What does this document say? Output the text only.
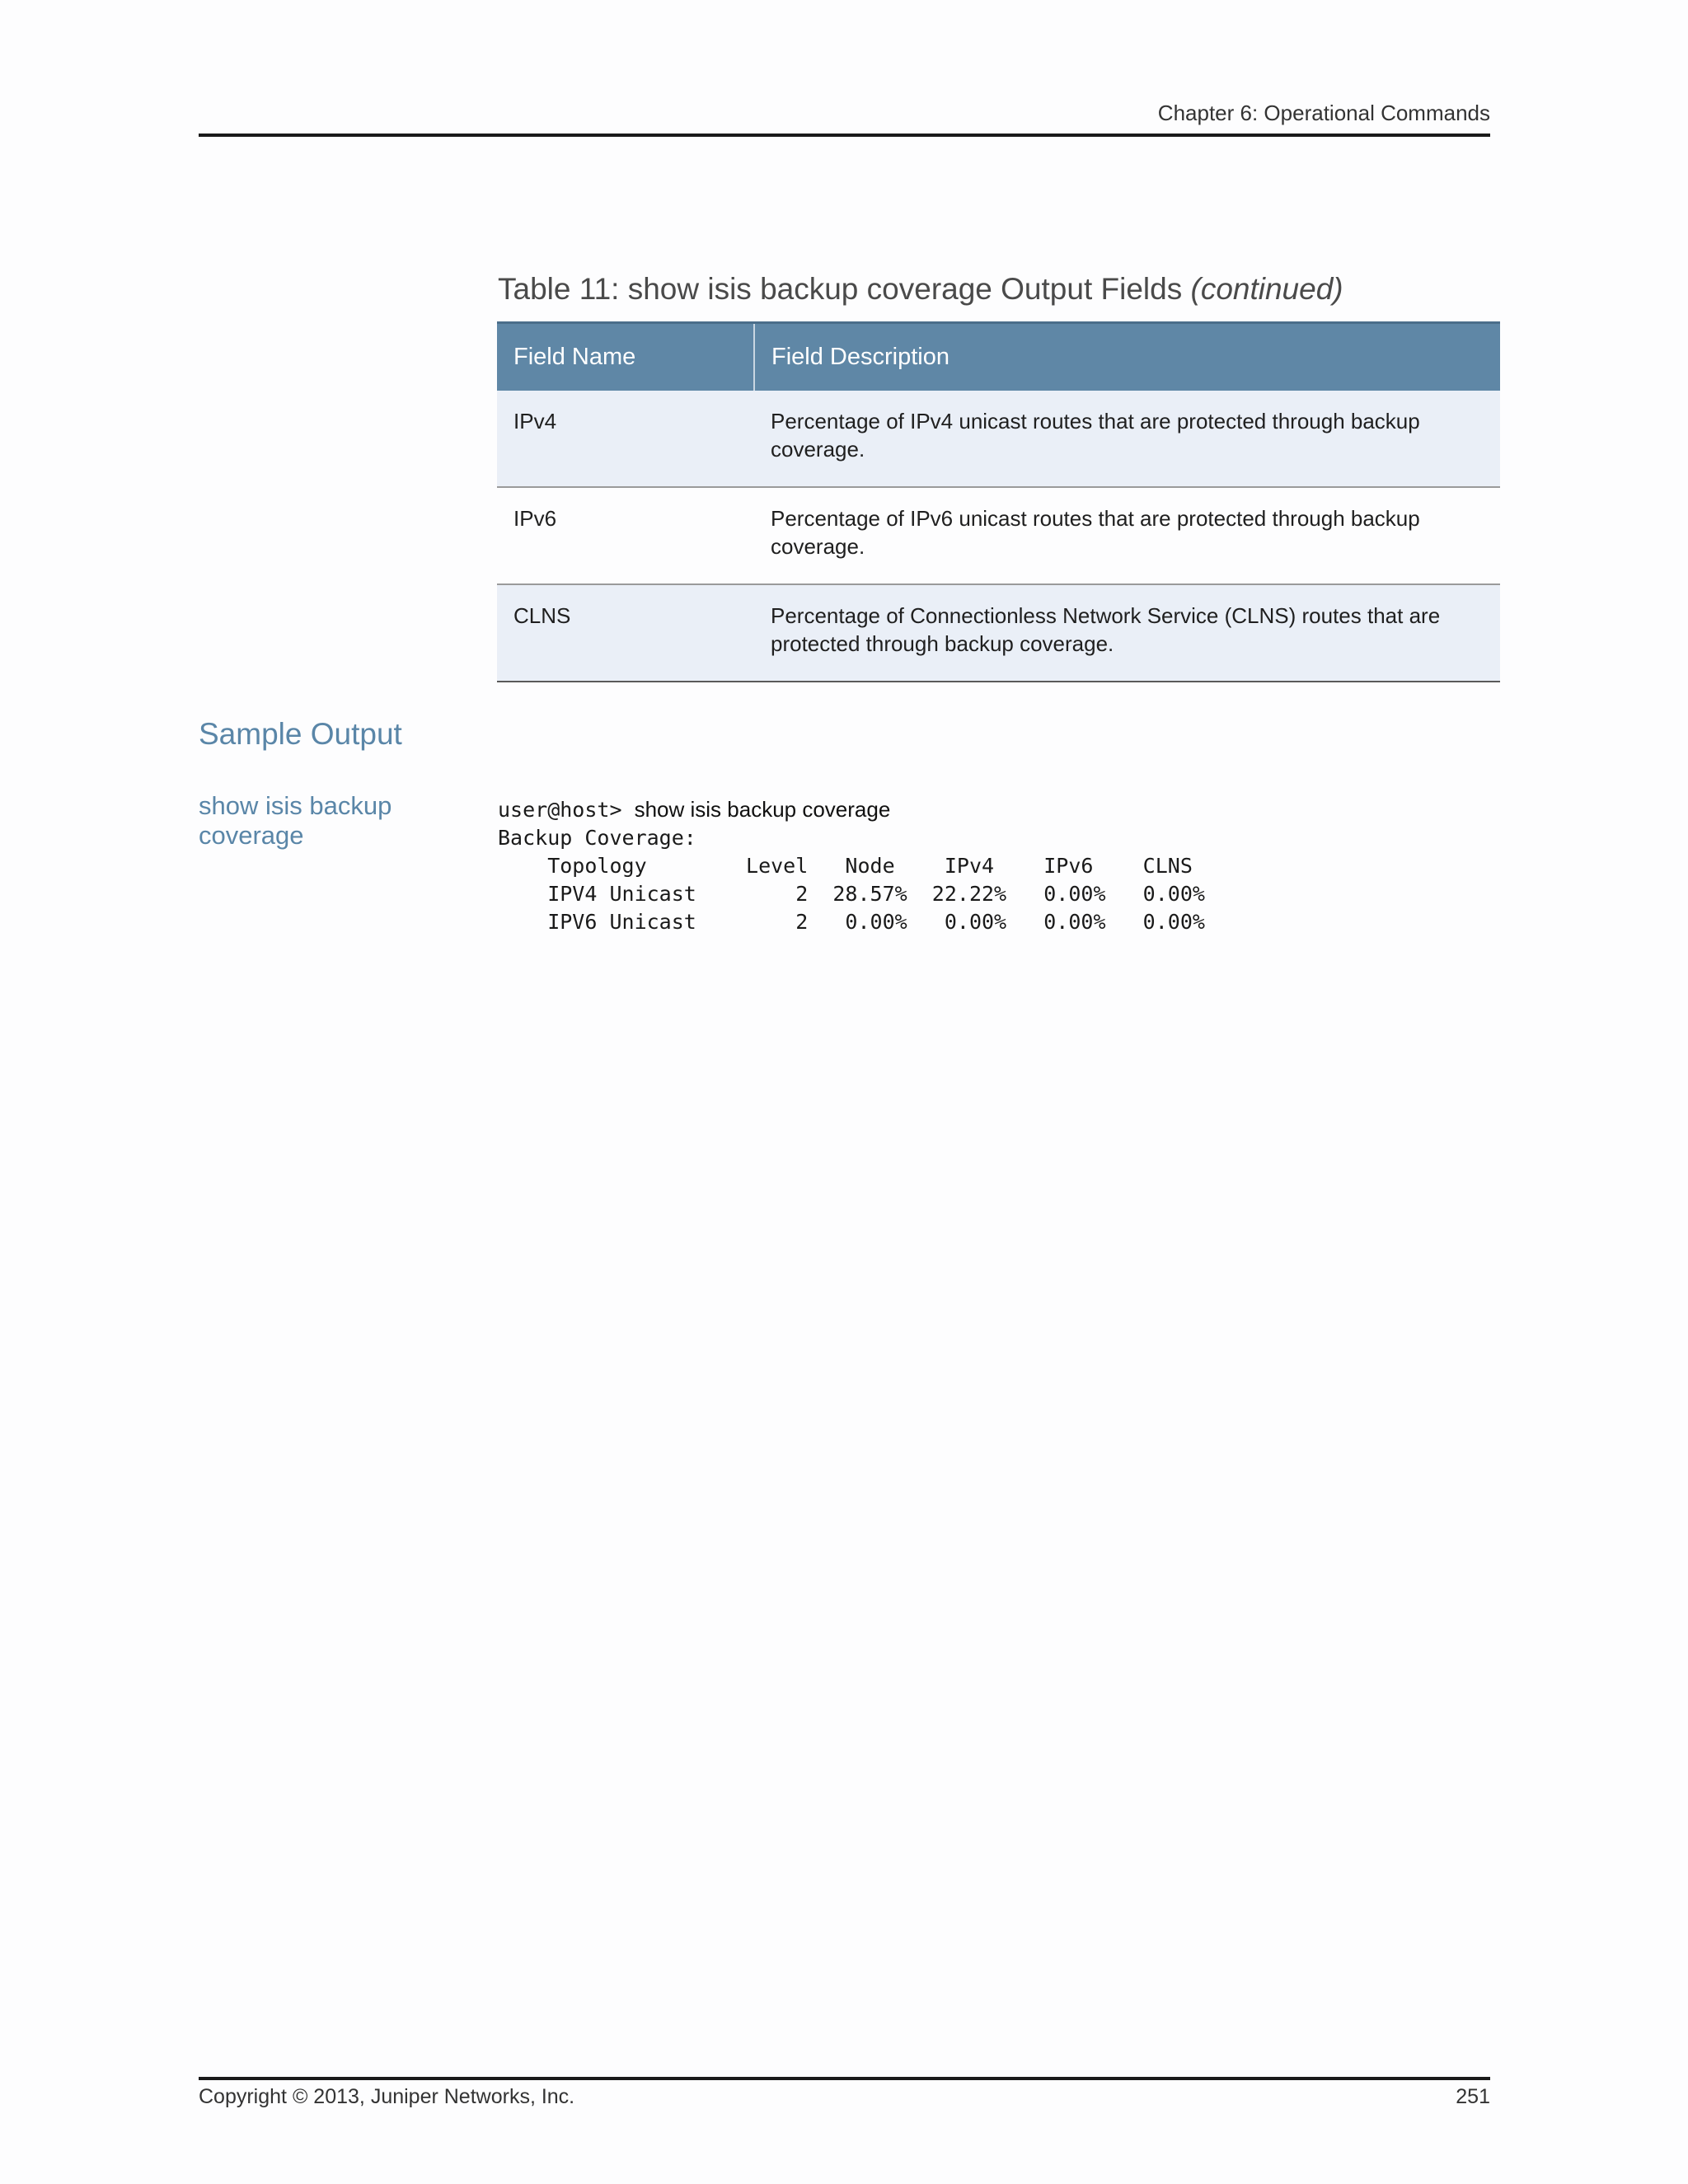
Chapter 6: Operational Commands
Table 11: show isis backup coverage Output Fields (continued)
Field Name	Field Description
IPv4	Percentage of IPv4 unicast routes that are protected through backup coverage.
IPv6	Percentage of IPv6 unicast routes that are protected through backup coverage.
CLNS	Percentage of Connectionless Network Service (CLNS) routes that are protected through backup coverage.
Sample Output
show isis backup coverage
user@host> show isis backup coverage
Backup Coverage:
Topology        Level   Node    IPv4    IPv6    CLNS
IPV4 Unicast        2  28.57%  22.22%   0.00%   0.00%
IPV6 Unicast        2   0.00%   0.00%   0.00%   0.00%
Copyright © 2013, Juniper Networks, Inc.	251
